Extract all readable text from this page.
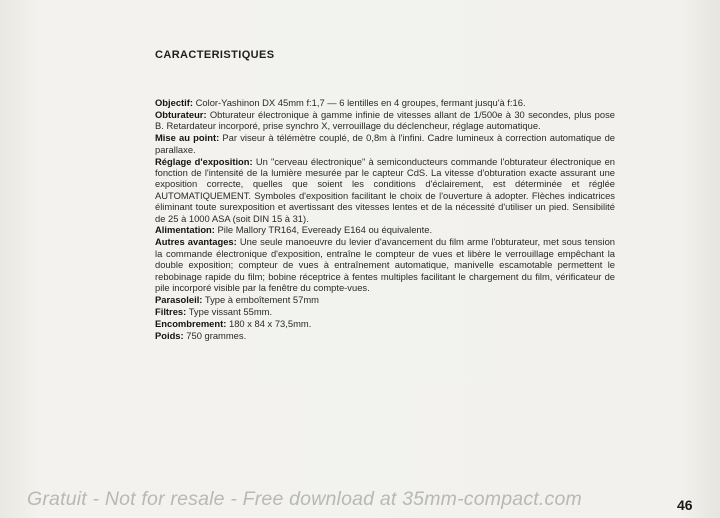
CARACTERISTIQUES

Objectif: Color-Yashinon DX 45mm f:1,7 — 6 lentilles en 4 groupes, fermant jusqu'à f:16.

Obturateur: Obturateur électronique à gamme infinie de vitesses allant de 1/500e à 30 secondes, plus pose B. Retardateur incorporé, prise synchro X, verrouillage du déclencheur, réglage automatique.

Mise au point: Par viseur à télémètre couplé, de 0,8m à l'infini. Cadre lumineux à correction automatique de parallaxe.

Réglage d'exposition: Un "cerveau électronique" à semiconducteurs commande l'obturateur électronique en fonction de l'intensité de la lumière mesurée par le capteur CdS. La vitesse d'obturation exacte assurant une exposition correcte, quelles que soient les conditions d'éclairement, est déterminée et réglée AUTOMATIQUEMENT. Symboles d'exposition facilitant le choix de l'ouverture à adopter. Flèches indicatrices éliminant toute surexposition et avertissant des vitesses lentes et de la nécessité d'utiliser un pied. Sensibilité de 25 à 1000 ASA (soit DIN 15 à 31).

Alimentation: Pile Mallory TR164, Eveready E164 ou équivalente.

Autres avantages: Une seule manoeuvre du levier d'avancement du film arme l'obturateur, met sous tension la commande électronique d'exposition, entraîne le compteur de vues et libère le verrouillage empêchant la double exposition; compteur de vues à entraînement automatique, manivelle escamotable permettent le rebobinage rapide du film; bobine réceptrice à fentes multiples facilitant le chargement du film, vérificateur de pile incorporé visible par la fenêtre du compte-vues.

Parasoleil: Type à emboîtement 57mm

Filtres: Type vissant 55mm.

Encombrement: 180 x 84 x 73,5mm.

Poids: 750 grammes.

Gratuit - Not for resale - Free download at 35mm-compact.com	46
